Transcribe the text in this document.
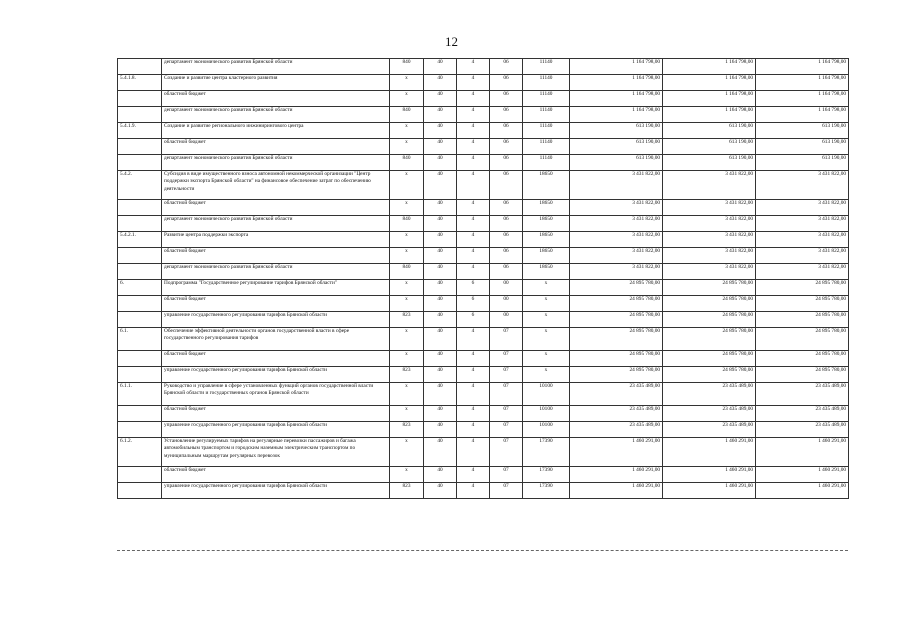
12
	департамент экономического развития Брянской области	840	40	4	06	11140	1 164 798,00	1 164 798,00	1 164 798,00
5.4.1.8.	Создание и развитие центра кластерного развития	х	40	4	06	11140	1 164 798,00	1 164 798,00	1 164 798,00
	областной бюджет	х	40	4	06	11140	1 164 798,00	1 164 798,00	1 164 798,00
	департамент экономического развития Брянской области	840	40	4	06	11140	1 164 798,00	1 164 798,00	1 164 798,00
5.4.1.9.	Создание и развитие регионального инжиниринговоro центра	х	40	4	06	11140	613 190,00	613 190,00	613 190,00
	областной бюджет	х	40	4	06	11140	613 190,00	613 190,00	613 190,00
	департамент экономического развития Брянской области	840	40	4	06	11140	613 190,00	613 190,00	613 190,00
5.4.2.	Субсидия в виде имущественного взноса автономной некоммерческой организации "Центр поддержки экспорта Брянской области" на финансовое обеспечение затрат по обеспечению деятельности	х	40	4	06	18650	3 431 822,00	3 431 822,00	3 431 822,00
	областной бюджет	х	40	4	06	18650	3 431 822,00	3 431 822,00	3 431 822,00
	департамент экономического развития Брянской области	840	40	4	06	18650	3 431 822,00	3 431 822,00	3 431 822,00
5.4.2.1.	Развитие центра поддержки экспорта	х	40	4	06	18650	3 431 822,00	3 431 822,00	3 431 822,00
	областной бюджет	х	40	4	06	18650	3 431 822,00	3 431 822,00	3 431 822,00
	департамент экономического развития Брянской области	840	40	4	06	18650	3 431 822,00	3 431 822,00	3 431 822,00
6.	Подпрограмма "Государственное регулирование тарифов Брянской области"	х	40	6	00	х	24 895 780,00	24 895 780,00	24 895 780,00
	областной бюджет	х	40	6	00	х	24 895 780,00	24 895 780,00	24 895 780,00
	управление государственного регулирования тарифов Брянской области	823	40	6	00	х	24 895 780,00	24 895 780,00	24 895 780,00
6.1.	Обеспечение эффективной деятельности органов государственной власти в сфере государственного регулирования тарифов	х	40	4	07	х	24 895 780,00	24 895 780,00	24 895 780,00
	областной бюджет	х	40	4	07	х	24 895 780,00	24 895 780,00	24 895 780,00
	управление государственного регулирования тарифов Брянской области	823	40	4	07	х	24 895 780,00	24 895 780,00	24 895 780,00
6.1.1.	Руководство и управление в сфере установленных функций органов государственной власти Брянской области и государственных органов Брянской области	х	40	4	07	10100	23 435 489,00	23 435 489,00	23 435 489,00
	областной бюджет	х	40	4	07	10100	23 435 489,00	23 435 489,00	23 435 489,00
	управление государственного регулирования тарифов Брянской области	823	40	4	07	10100	23 435 489,00	23 435 489,00	23 435 489,00
6.1.2.	Установление регулируемых тарифов на регулярные перевозки пассажиров и багажа автомобильным транспортом и городским наземным электрическим транспортом по муниципальным маршрутам регулярных перевозок	х	40	4	07	17390	1 460 291,00	1 460 291,00	1 460 291,00
	областной бюджет	х	40	4	07	17390	1 460 291,00	1 460 291,00	1 460 291,00
	управление государственного регулирования тарифов Брянской области	823	40	4	07	17390	1 460 291,00	1 460 291,00	1 460 291,00
